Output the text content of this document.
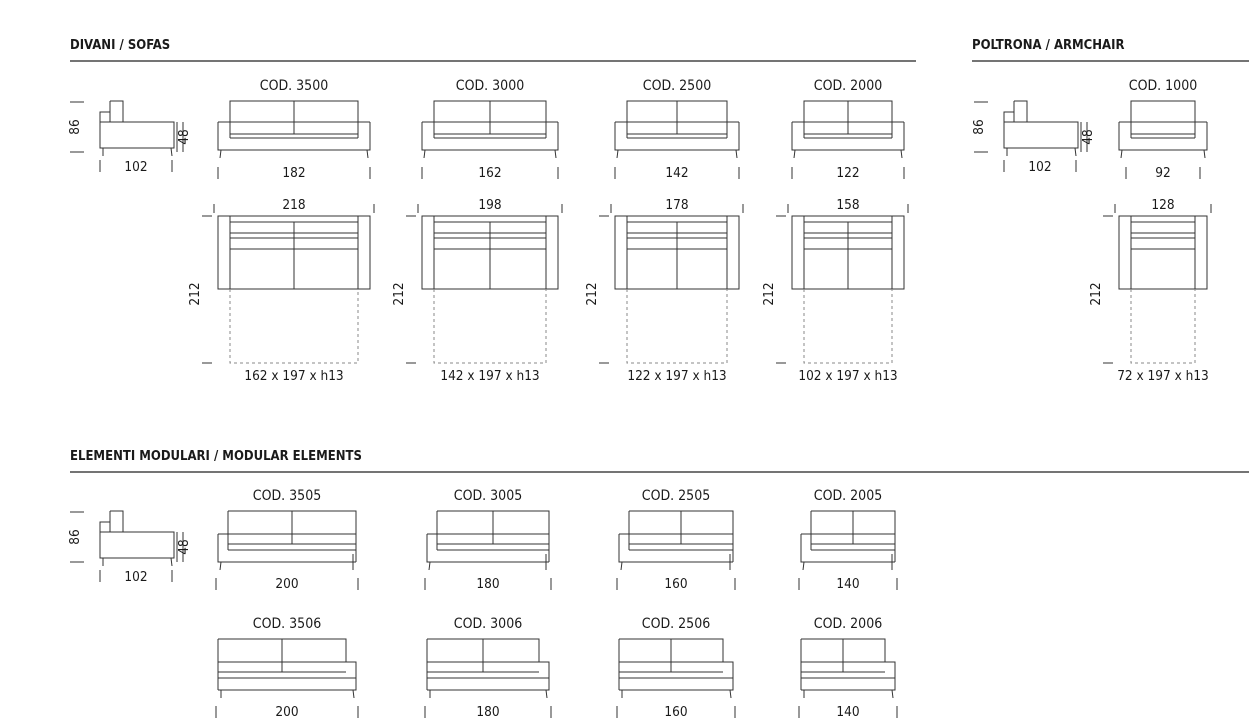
DIVANI / SOFAS
86
48
102
COD. 3500
182
218
212
162 x 197 x h13
COD. 3000
162
198
212
142 x 197 x h13
COD. 2500
142
178
212
122 x 197 x h13
COD. 2000
122
158
212
102 x 197 x h13
POLTRONA / ARMCHAIR
86
48
102
COD. 1000
92
128
212
72 x 197 x h13
ELEMENTI MODULARI / MODULAR ELEMENTS
86
48
102
COD. 3505
200
COD. 3005
180
COD. 2505
160
COD. 2005
140
COD. 3506
200
COD. 3006
180
COD. 2506
160
COD. 2006
140
